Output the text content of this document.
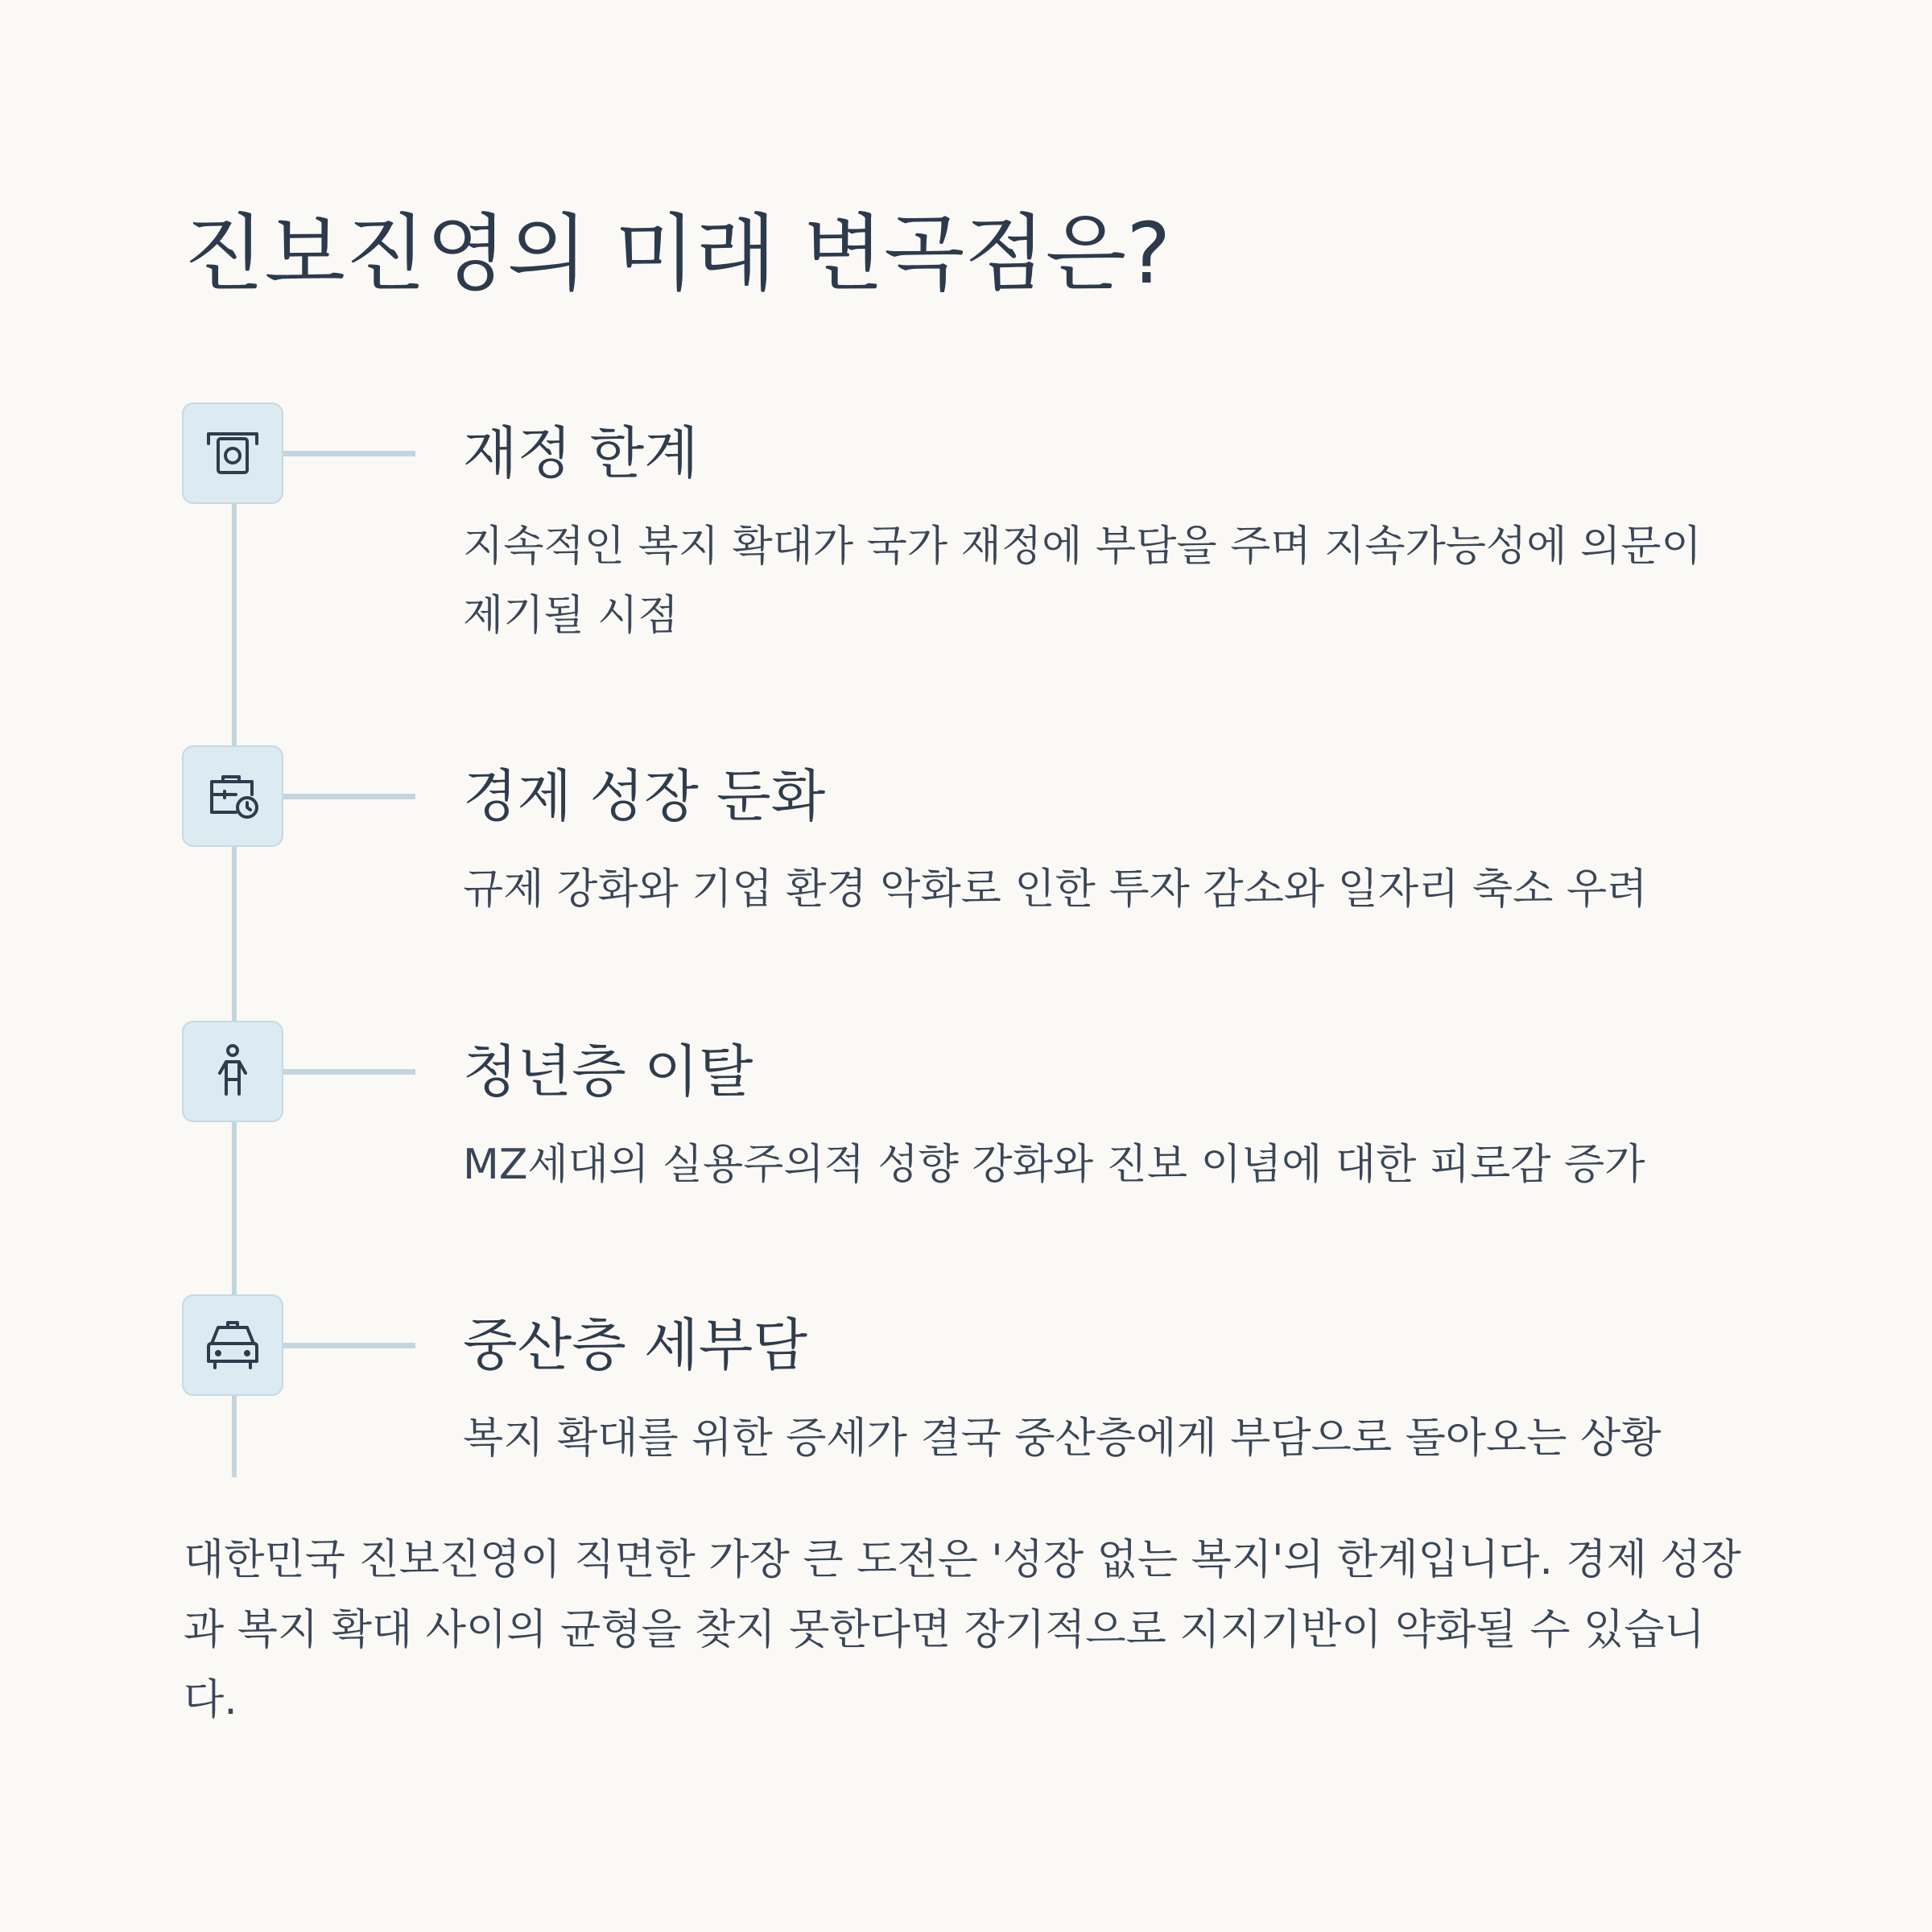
진보진영의 미래 변곡점은?
재정 한계

지속적인 복지 확대가 국가 재정에 부담을 주며 지속가능성에 의문이 제기될 시점

경제 성장 둔화

규제 강화와 기업 환경 악화로 인한 투자 감소와 일자리 축소 우려

청년층 이탈

MZ세대의 실용주의적 성향 강화와 진보 이념에 대한 피로감 증가

중산층 세부담

복지 확대를 위한 증세가 결국 중산층에게 부담으로 돌아오는 상황

대한민국 진보진영이 직면한 가장 큰 도전은 '성장 없는 복지'의 한계입니다. 경제 성장과 복지 확대 사이의 균형을 찾지 못한다면 장기적으로 지지기반이 약화될 수 있습니다.
